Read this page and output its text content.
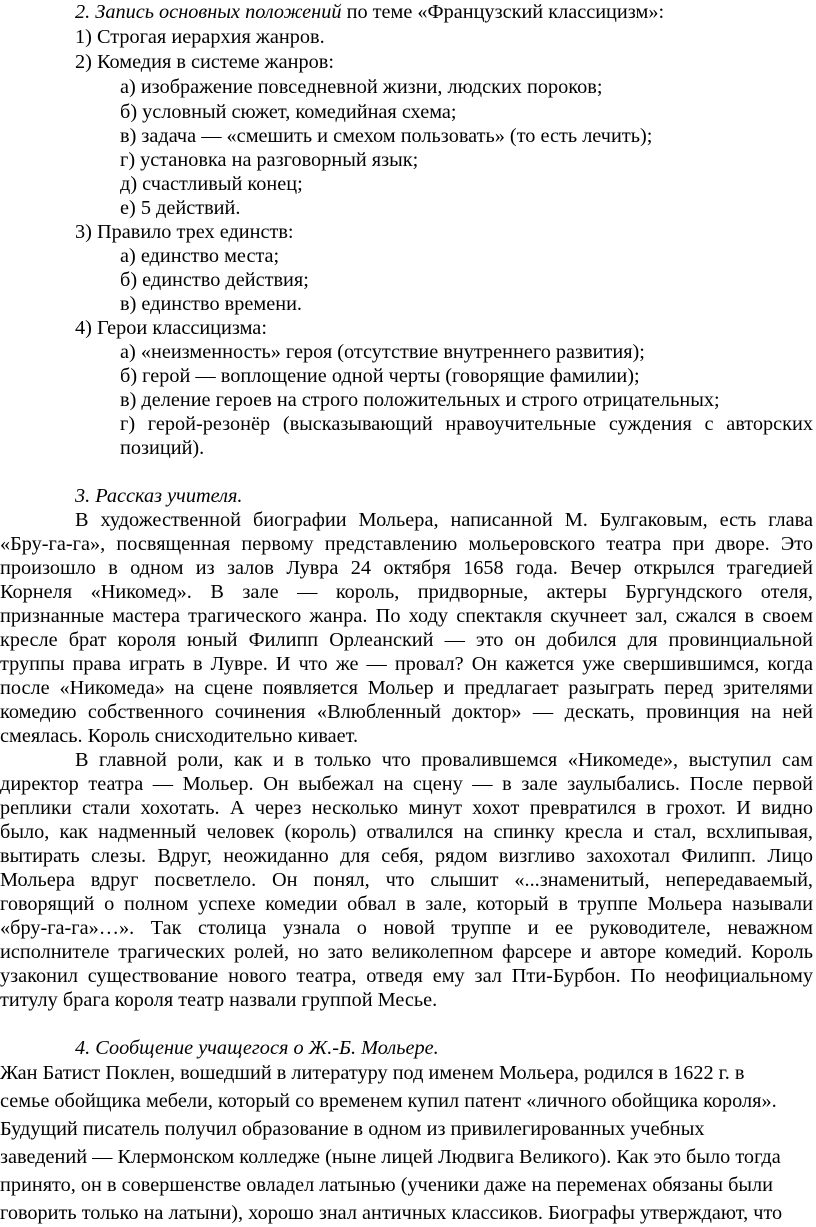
2. Запись основных положений по теме «Французский классицизм»:
1) Строгая иерархия жанров.
2) Комедия в системе жанров:
а) изображение повседневной жизни, людских пороков;
б) условный сюжет, комедийная схема;
в) задача — «смешить и смехом пользовать» (то есть лечить);
г) установка на разговорный язык;
д) счастливый конец;
е) 5 действий.
3) Правило трех единств:
а) единство места;
б) единство действия;
в) единство времени.
4) Герои классицизма:
а) «неизменность» героя (отсутствие внутреннего развития);
б) герой — воплощение одной черты (говорящие фамилии);
в) деление героев на строго положительных и строго отрицательных;
г) герой-резонёр (высказывающий нравоучительные суждения с авторских
позиций).
3. Рассказ учителя.
В художественной биографии Мольера, написанной М. Булгаковым, есть глава
«Бру-га-га», посвященная первому представлению мольеровского театра при дворе. Это
произошло в одном из залов Лувра 24 октября 1658 года. Вечер открылся трагедией
Корнеля «Никомед». В зале — король, придворные, актеры Бургундского отеля,
признанные мастера трагического жанра. По ходу спектакля скучнеет зал, сжался в своем
кресле брат короля юный Филипп Орлеанский — это он добился для провинциальной
труппы права играть в Лувре. И что же — провал? Он кажется уже свершившимся, когда
после «Никомеда» на сцене появляется Мольер и предлагает разыграть перед зрителями
комедию собственного сочинения «Влюбленный доктор» — дескать, провинция на ней
смеялась. Король снисходительно кивает.
В главной роли, как и в только что провалившемся «Никомеде», выступил сам
директор театра — Мольер. Он выбежал на сцену — в зале заулыбались. После первой
реплики стали хохотать. А через несколько минут хохот превратился в грохот. И видно
было, как надменный человек (король) отвалился на спинку кресла и стал, всхлипывая,
вытирать слезы. Вдруг, неожиданно для себя, рядом визгливо захохотал Филипп. Лицо
Мольера вдруг посветлело. Он понял, что слышит «...знаменитый, непередаваемый,
говорящий о полном успехе комедии обвал в зале, который в труппе Мольера называли
«бру-га-га»…». Так столица узнала о новой труппе и ее руководителе, неважном
исполнителе трагических ролей, но зато великолепном фарсере и авторе комедий. Король
узаконил существование нового театра, отведя ему зал Пти-Бурбон. По неофициальному
титулу брага короля театр назвали группой Месье.
4. Сообщение учащегося о Ж.-Б. Мольере.
Жан Батист Поклен, вошедший в литературу под именем Мольера, родился в 1622 г. в
семье обойщика мебели, который со временем купил патент «личного обойщика короля».
Будущий писатель получил образование в одном из привилегированных учебных
заведений — Клермонском колледже (ныне лицей Людвига Великого). Как это было тогда
принято, он в совершенстве овладел латынью (ученики даже на переменах обязаны были
говорить только на латыни), хорошо знал античных классиков. Биографы утверждают, что
